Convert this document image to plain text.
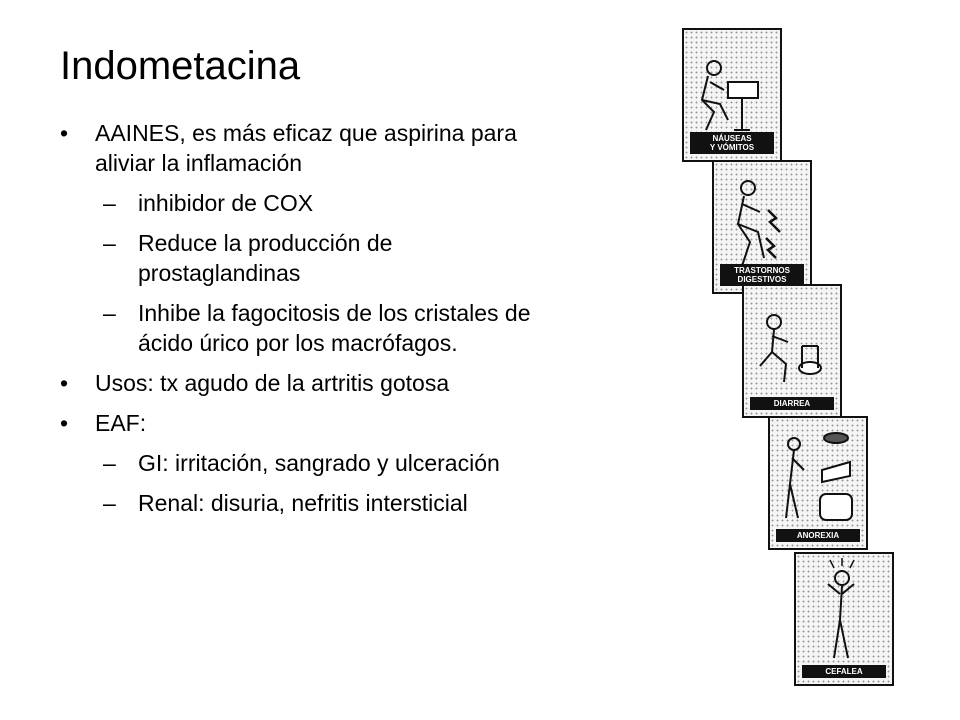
Indometacina
• AAINES, es más eficaz que aspirina para aliviar la inflamación
– inhibidor de COX
– Reduce la producción de prostaglandinas
– Inhibe la fagocitosis de los cristales de ácido úrico por los macrófagos.
• Usos: tx agudo de la artritis gotosa
• EAF:
– GI: irritación, sangrado y ulceración
– Renal: disuria, nefritis intersticial
NÁUSEAS
Y VÓMITOS
TRASTORNOS
DIGESTIVOS
DIARREA
ANOREXIA
CEFALEA
